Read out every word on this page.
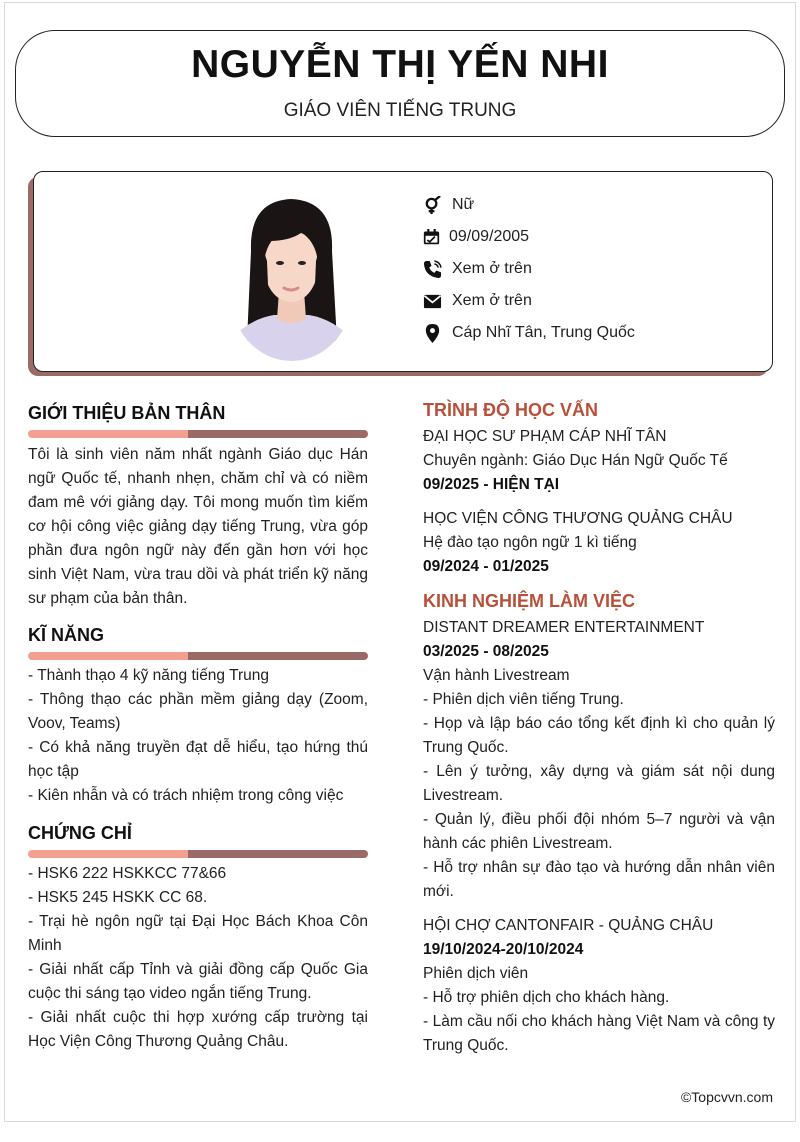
NGUYỄN THỊ YẾN NHI
GIÁO VIÊN TIẾNG TRUNG
Nữ
09/09/2005
Xem ở trên
Xem ở trên
Cáp Nhĩ Tân, Trung Quốc
GIỚI THIỆU BẢN THÂN
Tôi là sinh viên năm nhất ngành Giáo dục Hán ngữ Quốc tế, nhanh nhẹn, chăm chỉ và có niềm đam mê với giảng dạy. Tôi mong muốn tìm kiếm cơ hội công việc giảng dạy tiếng Trung, vừa góp phần đưa ngôn ngữ này đến gần hơn với học sinh Việt Nam, vừa trau dồi và phát triển kỹ năng sư phạm của bản thân.
KĨ NĂNG
- Thành thạo 4 kỹ năng tiếng Trung
- Thông thạo các phần mềm giảng dạy (Zoom, Voov, Teams)
- Có khả năng truyền đạt dễ hiểu, tạo hứng thú học tập
- Kiên nhẫn và có trách nhiệm trong công việc
CHỨNG CHỈ
- HSK6 222 HSKKCC 77&66
- HSK5 245 HSKK CC 68.
- Trại hè ngôn ngữ tại Đại Học Bách Khoa Côn Minh
- Giải nhất cấp Tỉnh và giải đồng cấp Quốc Gia cuộc thi sáng tạo video ngắn tiếng Trung.
- Giải nhất cuộc thi hợp xướng cấp trường tại Học Viện Công Thương Quảng Châu.
TRÌNH ĐỘ HỌC VẤN
ĐẠI HỌC SƯ PHẠM CÁP NHĨ TÂN
Chuyên ngành: Giáo Dục Hán Ngữ Quốc Tế
09/2025 - HIỆN TẠI
HỌC VIỆN CÔNG THƯƠNG QUẢNG CHÂU
Hệ đào tạo ngôn ngữ 1 kì tiếng
09/2024 - 01/2025
KINH NGHIỆM LÀM VIỆC
DISTANT DREAMER ENTERTAINMENT
03/2025 - 08/2025
Vận hành Livestream
- Phiên dịch viên tiếng Trung.
- Họp và lập báo cáo tổng kết định kì cho quản lý Trung Quốc.
- Lên ý tưởng, xây dựng và giám sát nội dung Livestream.
- Quản lý, điều phối đội nhóm 5–7 người và vận hành các phiên Livestream.
- Hỗ trợ nhân sự đào tạo và hướng dẫn nhân viên mới.
HỘI CHỢ CANTONFAIR - QUẢNG CHÂU
19/10/2024-20/10/2024
Phiên dịch viên
- Hỗ trợ phiên dịch cho khách hàng.
- Làm cầu nối cho khách hàng Việt Nam và công ty Trung Quốc.
©Topcvvn.com
